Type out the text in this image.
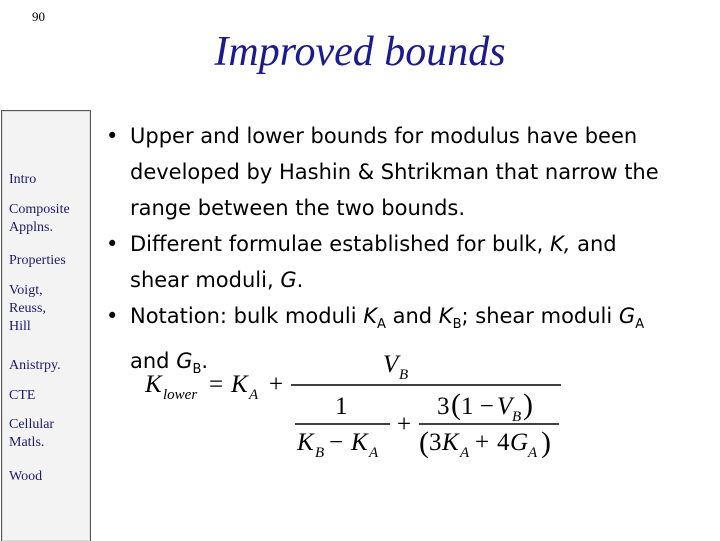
90
Improved bounds
Intro
Composite Applns.
Properties
Voigt, Reuss, Hill
Anistrpy.
CTE
Cellular Matls.
Wood
• Upper and lower bounds for modulus have been
developed by Hashin & Shtrikman that narrow the
range between the two bounds.
• Different formulae established for bulk, K, and
shear moduli, G.
• Notation: bulk moduli $K_A$ and $K_B$; shear moduli $G_A$
and $G_B$.
K lower = K A +
V B
1
K B − K A
+
3 ( 1 − V B )
( 3 K A + 4 G A )
